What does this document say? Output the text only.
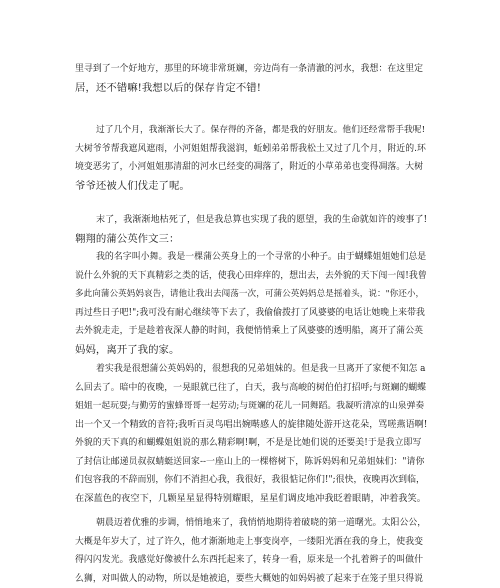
里寻到了一个好地方，那里的环境非常斑斓，旁边尚有一条清澈的河水，我想：在这里定
居，还不错嘛!我想以后的保存肯定不错!
过了几个月，我渐渐长大了。保存得的齐备，都是我的好朋友。他们还经常帮手我呢!
大树爷爷帮我遮风遮雨，小河姐姐帮我滋润，蚯蚓弟弟帮我松土又过了几个月，附近的.环
境变恶劣了，小河姐姐那清甜的河水已经变的凋落了，附近的小草弟弟也变得凋落。大树
爷爷还被人们伐走了呢。
末了，我渐渐地枯死了，但是我总算也实现了我的愿望，我的生命就如许的竣事了!
翱翔的蒲公英作文三：
我的名字叫小舞。我是一棵蒲公英身上的一个寻常的小种子。由于蝴蝶姐姐她们总是
说什么外貌的天下真精彩之类的话，使我心田痒痒的，想出去，去外貌的天下闯一闯!我曾
多此向蒲公英妈妈哀告，请他让我出去闯荡一次，可蒲公英妈妈总是摇着头，说："你还小，
再过些日子吧!";我可没有耐心继续等下去了，我偷偷拨打了风婆婆的电话让她晚上来带我
去外貌走走，于是趁着夜深人静的时间，我便悄悄乘上了风婆婆的透明船，离开了蒲公英
妈妈，离开了我的家。
着实我是很想蒲公英妈妈的，很想我的兄弟姐妹的。但是我一旦离开了家便不知怎 a
么回去了。暗中的夜晚，一晃眼就已往了，白天，我与高峻的树伯伯打招呼;与斑斓的蝴蝶
姐姐一起玩耍;与勤劳的蜜蜂哥哥一起劳动;与斑斓的花儿一同舞蹈。我凝听清凉的山泉弹奏
出一个又一个精致的音符;我听百灵鸟唱出婉啭感人的旋律随处游开这花朵，骂嗟燕语啊!
外貌的天下真的和蝴蝶姐姐说的那么精彩啊!啊，不是是比她们说的还要美!于是我立即写
了封信让邮递员叔叔蜻蜓送回家--一座山上的一棵榕树下，陈诉妈妈和兄弟姐妹们："请你
们包容我的不辞而别，你们不消担心我，我很好，我很惦记你们!";很快，夜晚再次到临，
在深蓝色的夜空下，几颗星星显得特别耀眼，星星们调皮地冲我眨着眼睛，冲着我笑。
朝晨迈着优雅的步调，悄悄地来了，我悄悄地期待着破晓的第一道曙光。太阳公公，
大概是年岁大了，过了许久，他才渐渐地走上事变岗亭，一缕阳光洒在我的身上，使我变
得闪闪发光。我感觉好像被什么东西托起来了，转身一看，原来是一个扎着辫子的叫做什
么狮，对叫做人的动物，所以是她被追，要些大概她的如妈妈被了起来于在笼子里只得说
